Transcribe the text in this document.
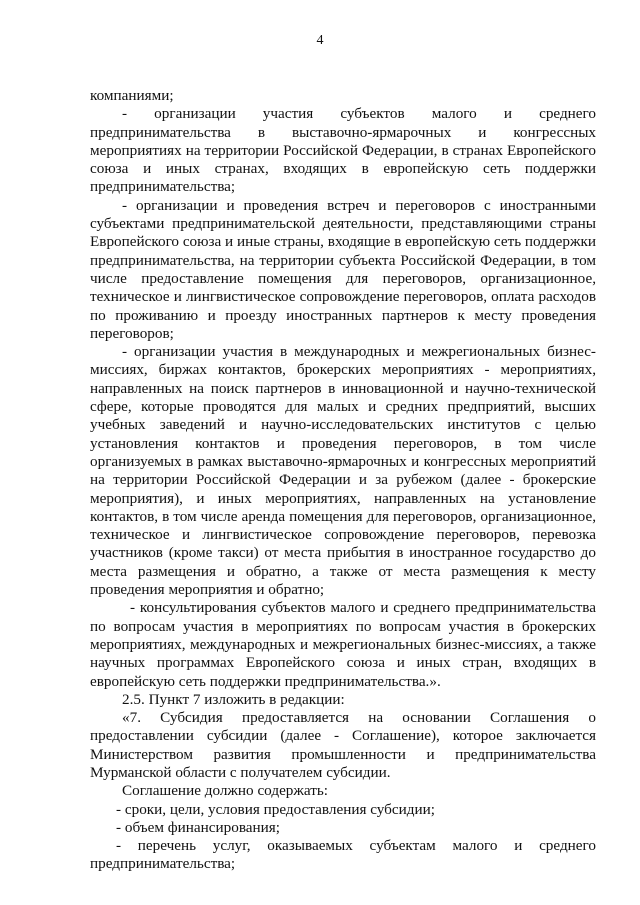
4

компаниями;

- организации участия субъектов малого и среднего предпринимательства в выставочно-ярмарочных и конгрессных мероприятиях на территории Российской Федерации, в странах Европейского союза и иных странах, входящих в европейскую сеть поддержки предпринимательства;

- организации и проведения встреч и переговоров с иностранными субъектами предпринимательской деятельности, представляющими страны Европейского союза и иные страны, входящие в европейскую сеть поддержки предпринимательства, на территории субъекта Российской Федерации, в том числе предоставление помещения для переговоров, организационное, техническое и лингвистическое сопровождение переговоров, оплата расходов по проживанию и проезду иностранных партнеров к месту проведения переговоров;

- организации участия в международных и межрегиональных бизнес-миссиях, биржах контактов, брокерских мероприятиях - мероприятиях, направленных на поиск партнеров в инновационной и научно-технической сфере, которые проводятся для малых и средних предприятий, высших учебных заведений и научно-исследовательских институтов с целью установления контактов и проведения переговоров, в том числе организуемых в рамках выставочно-ярмарочных и конгрессных мероприятий на территории Российской Федерации и за рубежом (далее - брокерские мероприятия), и иных мероприятиях, направленных на установление контактов, в том числе аренда помещения для переговоров, организационное, техническое и лингвистическое сопровождение переговоров, перевозка участников (кроме такси) от места прибытия в иностранное государство до места размещения и обратно, а также от места размещения к месту проведения мероприятия и обратно;

- консультирования субъектов малого и среднего предпринимательства по вопросам участия в мероприятиях по вопросам участия в брокерских мероприятиях, международных и межрегиональных бизнес-миссиях, а также научных программах Европейского союза и иных стран, входящих в европейскую сеть поддержки предпринимательства.».

2.5. Пункт 7 изложить в редакции:

«7. Субсидия предоставляется на основании Соглашения о предоставлении субсидии (далее - Соглашение), которое заключается Министерством развития промышленности и предпринимательства Мурманской области с получателем субсидии.

Соглашение должно содержать:

- сроки, цели, условия предоставления субсидии;

- объем финансирования;

- перечень услуг, оказываемых субъектам малого и среднего предпринимательства;
